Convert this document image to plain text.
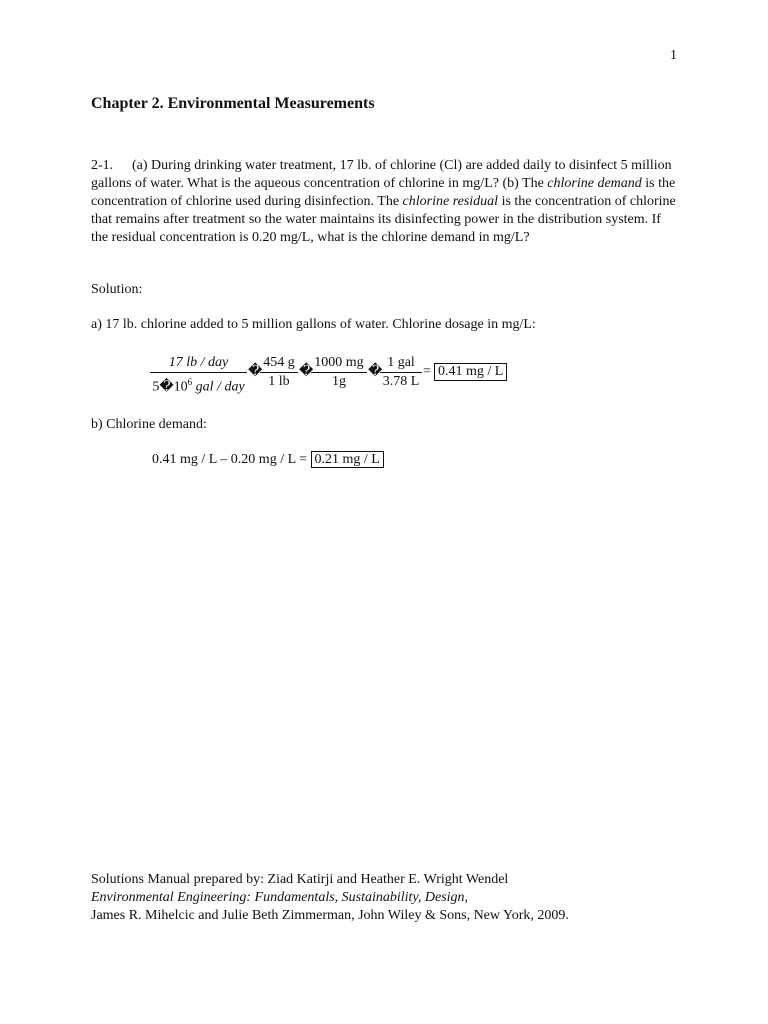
1
Chapter 2. Environmental Measurements
2-1. (a) During drinking water treatment, 17 lb. of chlorine (Cl) are added daily to disinfect 5 million gallons of water. What is the aqueous concentration of chlorine in mg/L? (b) The chlorine demand is the concentration of chlorine used during disinfection. The chlorine residual is the concentration of chlorine that remains after treatment so the water maintains its disinfecting power in the distribution system. If the residual concentration is 0.20 mg/L, what is the chlorine demand in mg/L?
Solution:
a) 17 lb. chlorine added to 5 million gallons of water. Chlorine dosage in mg/L:
17 lb / day
$5�10^6$ gal / day
�
$\frac{454 g}{1 lb}$ �
$\frac{1000 mg}{1g}$ �
1 gal
3.78 L
= 0.41 mg / L
b) Chlorine demand:
0.41 mg / L – 0.20 mg / L = 0.21 mg / L
Solutions Manual prepared by: Ziad Katirji and Heather E. Wright Wendel
Environmental Engineering: Fundamentals, Sustainability, Design,
James R. Mihelcic and Julie Beth Zimmerman, John Wiley & Sons, New York, 2009.
